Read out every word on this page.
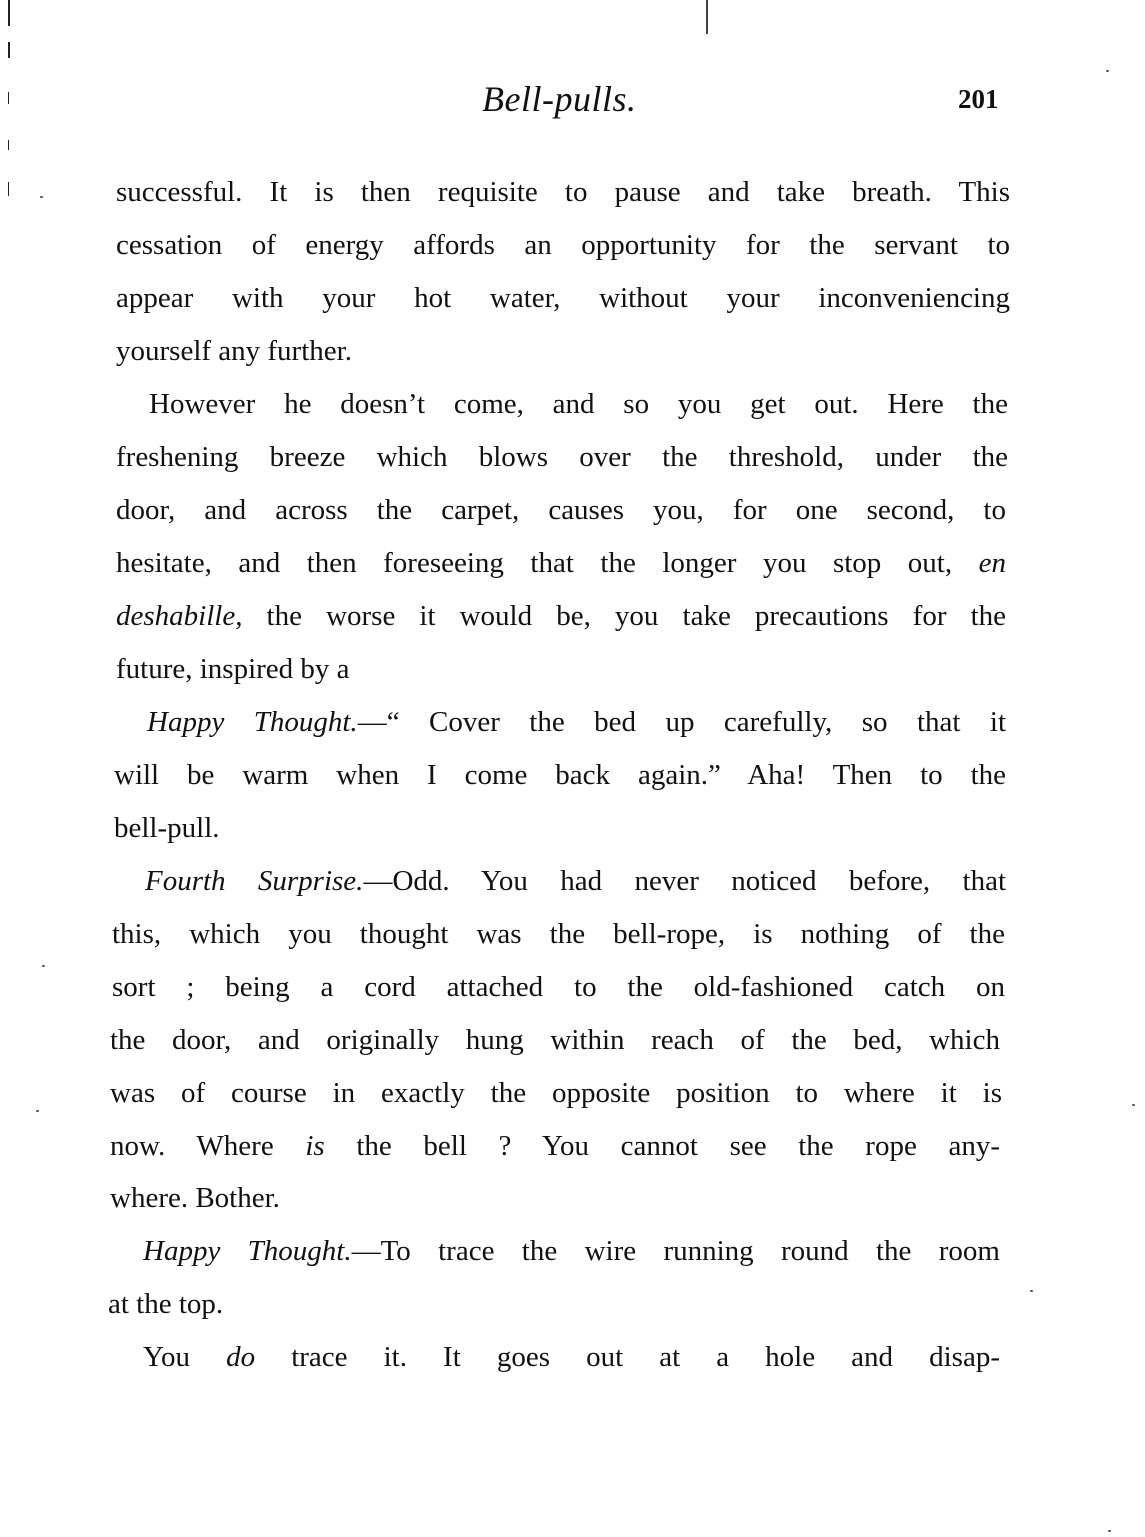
Bell-pulls.	201
successful. It is then requisite to pause and take breath. This
cessation of energy affords an opportunity for the servant to
appear with your hot water, without your inconveniencing
yourself any further.
However he doesn’t come, and so you get out. Here the
freshening breeze which blows over the threshold, under the
door, and across the carpet, causes you, for one second, to
hesitate, and then foreseeing that the longer you stop out, en
deshabille, the worse it would be, you take precautions for the
future, inspired by a
Happy Thought.—“ Cover the bed up carefully, so that it
will be warm when I come back again.” Aha! Then to the
bell-pull.
Fourth Surprise.—Odd. You had never noticed before, that
this, which you thought was the bell-rope, is nothing of the
sort ; being a cord attached to the old-fashioned catch on
the door, and originally hung within reach of the bed, which
was of course in exactly the opposite position to where it is
now. Where is the bell ? You cannot see the rope any-
where. Bother.
Happy Thought.—To trace the wire running round the room
at the top.
You do trace it. It goes out at a hole and disap-
